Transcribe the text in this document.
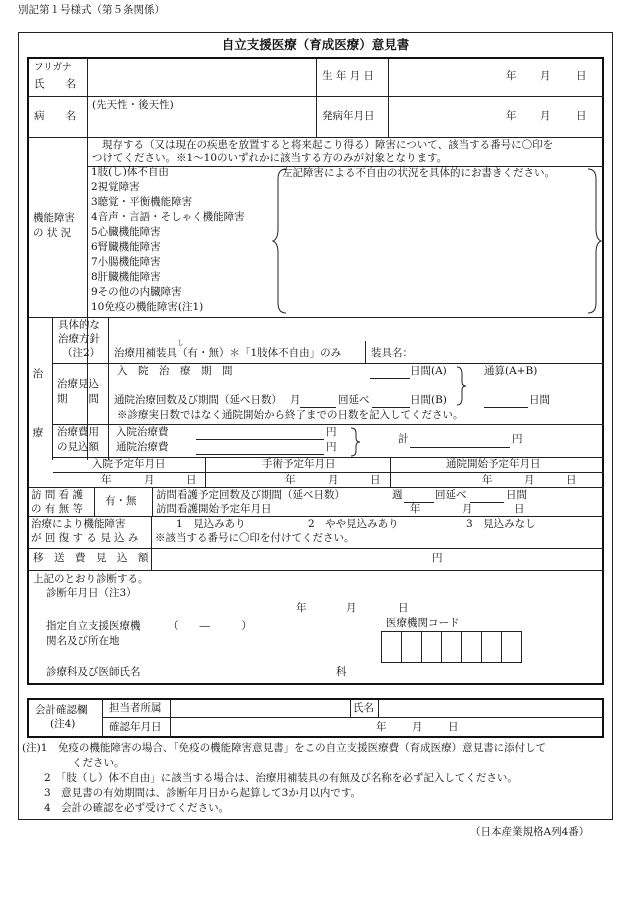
別記第１号様式（第５条関係）
自立支援医療（育成医療）意見書
フリガナ
氏　　名
生 年 月 日	年 月 日
病　　名
(先天性・後天性)
発病年月日	年 月 日
現存する（又は現在の疾患を放置すると将来起こり得る）障害について、該当する番号に〇印を
つけてください。※1～10のいずれかに該当する方のみが対象となります。
機能障害
の 状 況
1肢(し)体不自由
2視覚障害
3聴覚・平衡機能障害
4音声・言語・そしゃく機能障害
5心臓機能障害
6腎臓機能障害
7小腸機能障害
8肝臓機能障害
9その他の内臓障害
10免疫の機能障害(注1)
左記障害による不自由の状況を具体的にお書きください。
治
療
具体的な
治療方針
（注2）
し
治療用補装具（有・無）＊「1肢体不自由」のみ	装具名：
治療見込
期　　間
入　院　治　療　期　間	日間(A)	通算(A+B)
通院治療回数及び期間（延べ日数） 月	回延べ	日間(B)	日間
※診療実日数ではなく通院開始から終了までの日数を記入してください。
治療費用
の見込額
入院治療費	円
通院治療費	円
計	円
入院予定年月日	手術予定年月日	通院開始予定年月日
年	月	日	年	月	日	年	月	日
訪 問 看 護
の 有 無 等
有・無 訪問看護予定回数及び期間（延べ日数）	週	回延べ	日間
訪問看護開始予定年月日	年	月	日
治療により機能障害
が 回 復 す る 見 込 み
1　見込みあり	2　やや見込みあり	3　見込みなし
※該当する番号に〇印を付けてください。
移　送　費　見　込　額	円
上記のとおり診断する。
診断年月日（注3）
年	月	日
指定自立支援医療機	（　　―　　　）	医療機関コード
関名及び所在地
診療科及び医師氏名	科
会計確認欄
(注4)
担当者所属	氏名
確認年月日	年 月 日
(注)1　免疫の機能障害の場合、「免疫の機能障害意見書」をこの自立支援医療費（育成医療）意見書に添付して
ください。
2　「肢（し）体不自由」に該当する場合は、治療用補装具の有無及び名称を必ず記入してください。
3　意見書の有効期間は、診断年月日から起算して3か月以内です。
4　会計の確認を必ず受けてください。
（日本産業規格A列4番）
